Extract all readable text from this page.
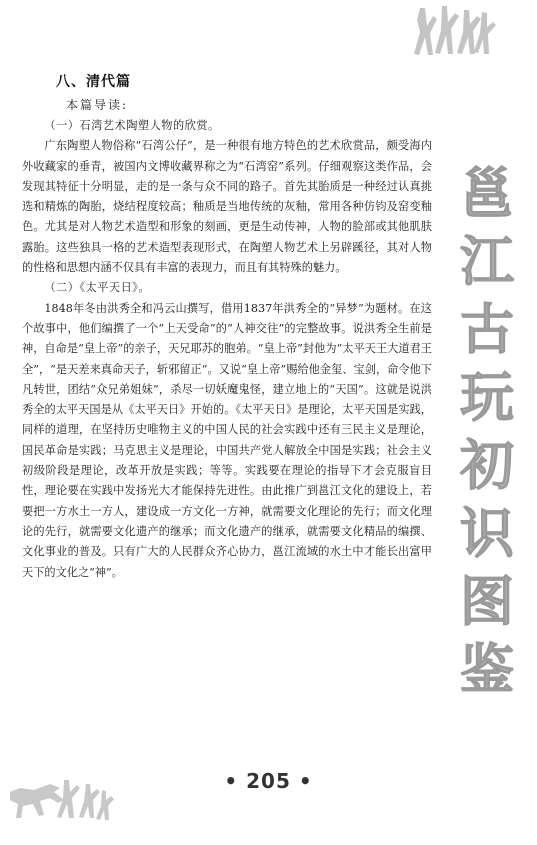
八、清代篇
本篇导读:

（一）石湾艺术陶塑人物的欣赏。

广东陶塑人物俗称“石湾公仔”，是一种很有地方特色的艺术欣赏品，颇受海内外收藏家的垂青，被国内文博收藏界称之为“石湾窑”系列。仔细观察这类作品，会发现其特征十分明显，走的是一条与众不同的路子。首先其胎质是一种经过认真挑选和精炼的陶胎，烧结程度较高；釉质是当地传统的灰釉，常用各种仿钧及窑变釉色。尤其是对人物艺术造型和形象的刻画，更是生动传神，人物的脸部或其他肌肤露胎。这些独具一格的艺术造型表现形式，在陶塑人物艺术上另辟蹊径，其对人物的性格和思想内涵不仅具有丰富的表现力，而且有其特殊的魅力。

（二）《太平天日》。

1848年冬由洪秀全和冯云山撰写，借用1837年洪秀全的“异梦”为题材。在这个故事中，他们编撰了一个“上天受命”的“人神交往”的完整故事。说洪秀全生前是神，自命是“皇上帝”的亲子，天兄耶苏的胞弟。“皇上帝”封他为“太平天王大道君王全”，“是天差来真命天子，斩邪留正”。又说“皇上帝”赐给他金玺、宝剑，命令他下凡转世，团结“众兄弟姐妹”，杀尽一切妖魔鬼怪，建立地上的“天国”。这就是说洪秀全的太平天国是从《太平天日》开始的。《太平天日》是理论，太平天国是实践，同样的道理，在坚持历史唯物主义的中国人民的社会实践中还有三民主义是理论，国民革命是实践；马克思主义是理论，中国共产党人解放全中国是实践；社会主义初级阶段是理论，改革开放是实践；等等。实践要在理论的指导下才会克服盲目性，理论要在实践中发扬光大才能保持先进性。由此推广到邕江文化的建设上，若要把一方水土一方人，建设成一方文化一方神，就需要文化理论的先行；而文化理论的先行，就需要文化遗产的继承；而文化遗产的继承，就需要文化精品的编撰、文化事业的普及。只有广大的人民群众齐心协力，邕江流域的水土中才能长出富甲天下的文化之“神”。

邕
江
古
玩
初
识
图
鉴
• 205 •
